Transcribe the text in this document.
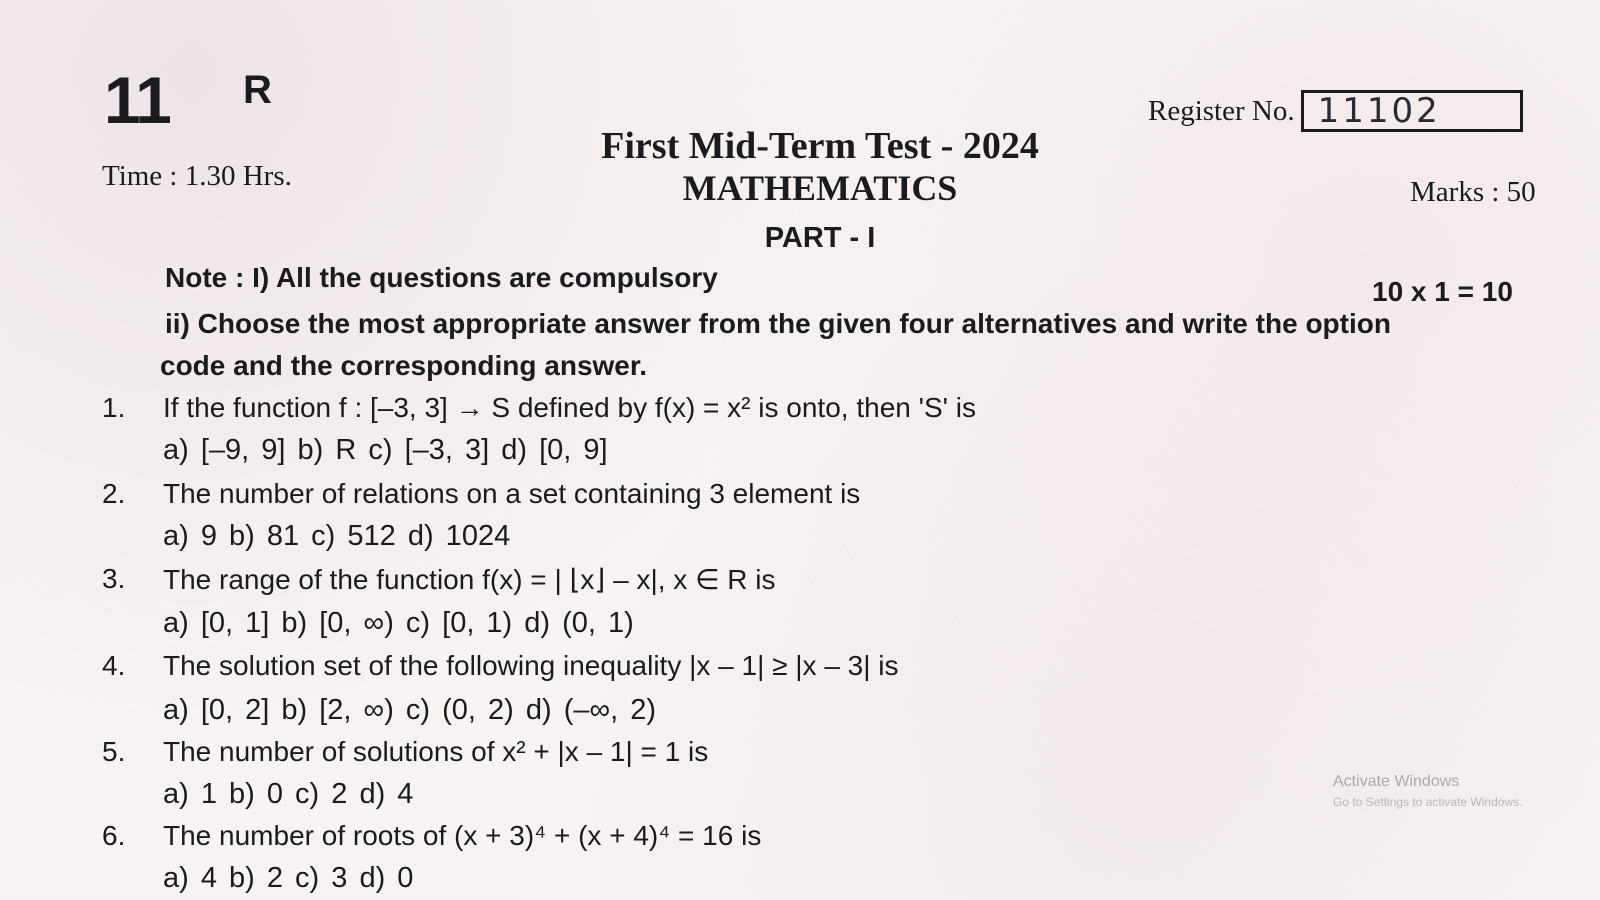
11 R	Register No. 11102
First Mid-Term Test - 2024
MATHEMATICS
PART - I
Time : 1.30 Hrs.	Marks : 50
Note : I) All the questions are compulsory	10 x 1 = 10
ii) Choose the most appropriate answer from the given four alternatives and write the option
code and the corresponding answer.
1. If the function f : [–3, 3] → S defined by f(x) = x² is onto, then 'S' is
a) [–9, 9] b) R c) [–3, 3] d) [0, 9]
2. The number of relations on a set containing 3 element is
a) 9 b) 81 c) 512 d) 1024
3. The range of the function f(x) = | ⌊x⌋ – x|, x ∈ R is
a) [0, 1] b) [0, ∞) c) [0, 1) d) (0, 1)
4. The solution set of the following inequality |x – 1| ≥ |x – 3| is
a) [0, 2] b) [2, ∞) c) (0, 2) d) (–∞, 2)
5. The number of solutions of x² + |x – 1| = 1 is
a) 1 b) 0 c) 2 d) 4
6. The number of roots of (x + 3)⁴ + (x + 4)⁴ = 16 is
a) 4 b) 2 c) 3 d) 0
Activate Windows
Go to Settings to activate Windows.
